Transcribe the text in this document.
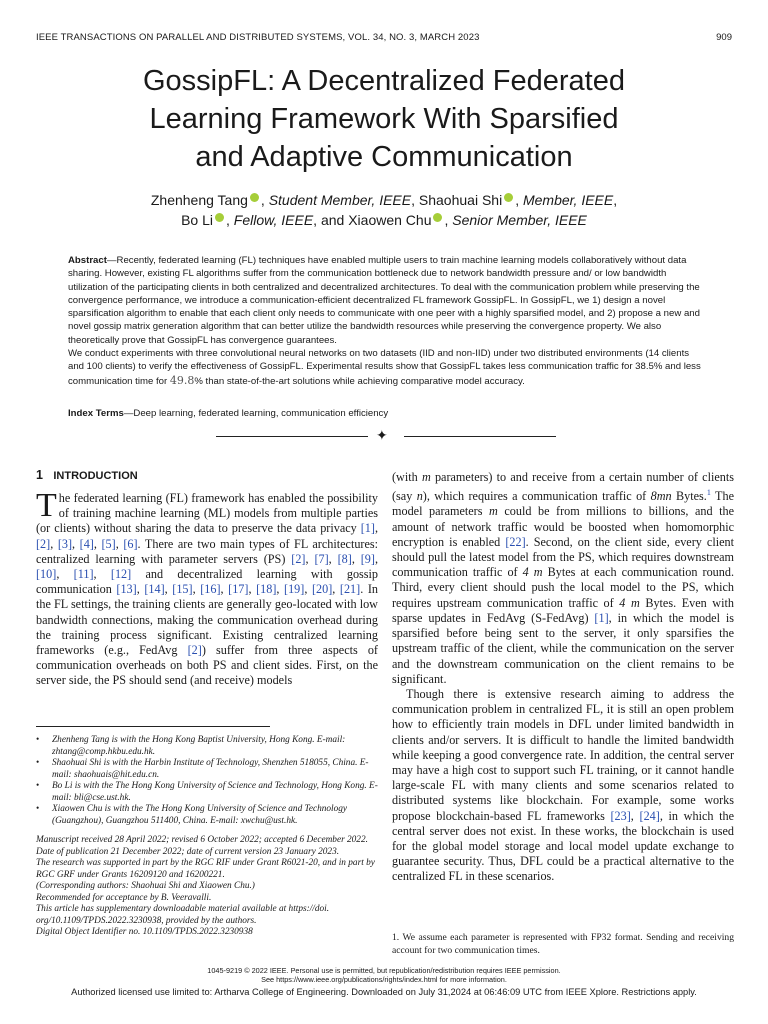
IEEE TRANSACTIONS ON PARALLEL AND DISTRIBUTED SYSTEMS, VOL. 34, NO. 3, MARCH 2023	909
GossipFL: A Decentralized Federated
Learning Framework With Sparsified
and Adaptive Communication
Zhenheng Tang , Student Member, IEEE, Shaohuai Shi , Member, IEEE,
Bo Li , Fellow, IEEE, and Xiaowen Chu , Senior Member, IEEE

Abstract—Recently, federated learning (FL) techniques have enabled multiple users to train machine learning models collaboratively without data sharing. However, existing FL algorithms suffer from the communication bottleneck due to network bandwidth pressure and/ or low bandwidth utilization of the participating clients in both centralized and decentralized architectures. To deal with the communication problem while preserving the convergence performance, we introduce a communication-efficient decentralized FL framework GossipFL. In GossipFL, we 1) design a novel sparsification algorithm to enable that each client only needs to communicate with one peer with a highly sparsified model, and 2) propose a new and novel gossip matrix generation algorithm that can better utilize the bandwidth resources while preserving the convergence property. We also theoretically prove that GossipFL has convergence guarantees.

We conduct experiments with three convolutional neural networks on two datasets (IID and non-IID) under two distributed environments (14 clients and 100 clients) to verify the effectiveness of GossipFL. Experimental results show that GossipFL takes less communication traffic for 38.5% and less communication time for 49.8% than state-of-the-art solutions while achieving comparative model accuracy.

Index Terms—Deep learning, federated learning, communication efficiency
✦
1 INTRODUCTION

The federated learning (FL) framework has enabled the possibility of training machine learning (ML) models from multiple parties (or clients) without sharing the data to preserve the data privacy [1], [2], [3], [4], [5], [6]. There are two main types of FL architectures: centralized learning with parameter servers (PS) [2], [7], [8], [9], [10], [11], [12] and decentralized learning with gossip communication [13], [14], [15], [16], [17], [18], [19], [20], [21]. In the FL settings, the training clients are generally geo-located with low bandwidth connections, making the communication overhead during the training process significant. Existing centralized learning frameworks (e.g., FedAvg [2]) suffer from three aspects of communication overheads on both PS and client sides. First, on the server side, the PS should send (and receive) models

• Zhenheng Tang is with the Hong Kong Baptist University, Hong Kong. E-mail: zhtang@comp.hkbu.edu.hk.
• Shaohuai Shi is with the Harbin Institute of Technology, Shenzhen 518055, China. E-mail: shaohuais@hit.edu.cn.
• Bo Li is with the The Hong Kong University of Science and Technology, Hong Kong. E-mail: bli@cse.ust.hk.
• Xiaowen Chu is with the The Hong Kong University of Science and Technology (Guangzhou), Guangzhou 511400, China. E-mail: xwchu@ust.hk.
Manuscript received 28 April 2022; revised 6 October 2022; accepted 6 December 2022. Date of publication 21 December 2022; date of current version 23 January 2023.
The research was supported in part by the RGC RIF under Grant R6021-20, and in part by RGC GRF under Grants 16209120 and 16200221.
(Corresponding authors: Shaohuai Shi and Xiaowen Chu.)
Recommended for acceptance by B. Veeravalli.
This article has supplementary downloadable material available at https://doi. org/10.1109/TPDS.2022.3230938, provided by the authors.
Digital Object Identifier no. 10.1109/TPDS.2022.3230938

(with m parameters) to and receive from a certain number of clients (say n), which requires a communication traffic of 8mn Bytes.$^1$ The model parameters m could be from millions to billions, and the amount of network traffic would be boosted when homomorphic encryption is enabled [22]. Second, on the client side, every client should pull the latest model from the PS, which requires downstream communication traffic of 4 m Bytes at each communication round. Third, every client should push the local model to the PS, which requires upstream communication traffic of 4 m Bytes. Even with sparse updates in FedAvg (S-FedAvg) [1], in which the model is sparsified before being sent to the server, it only sparsifies the upstream traffic of the client, while the communication on the server and the downstream communication on the client remains to be significant.

Though there is extensive research aiming to address the communication problem in centralized FL, it is still an open problem how to efficiently train models in DFL under limited bandwidth in clients and/or servers. It is difficult to handle the limited bandwidth while keeping a good convergence rate. In addition, the central server may have a high cost to support such FL training, or it cannot handle large-scale FL with many clients and some scenarios related to distributed systems like blockchain. For example, some works propose blockchain-based FL frameworks [23], [24], in which the central server does not exist. In these works, the blockchain is used for the global model storage and local model update exchange to guarantee security. Thus, DFL could be a practical alternative to the centralized FL in these scenarios.

1. We assume each parameter is represented with FP32 format. Sending and receiving account for two communication times.
1045-9219 © 2022 IEEE. Personal use is permitted, but republication/redistribution requires IEEE permission.
See https://www.ieee.org/publications/rights/index.html for more information.
Authorized licensed use limited to: Artharva College of Engineering. Downloaded on July 31,2024 at 06:46:09 UTC from IEEE Xplore. Restrictions apply.
